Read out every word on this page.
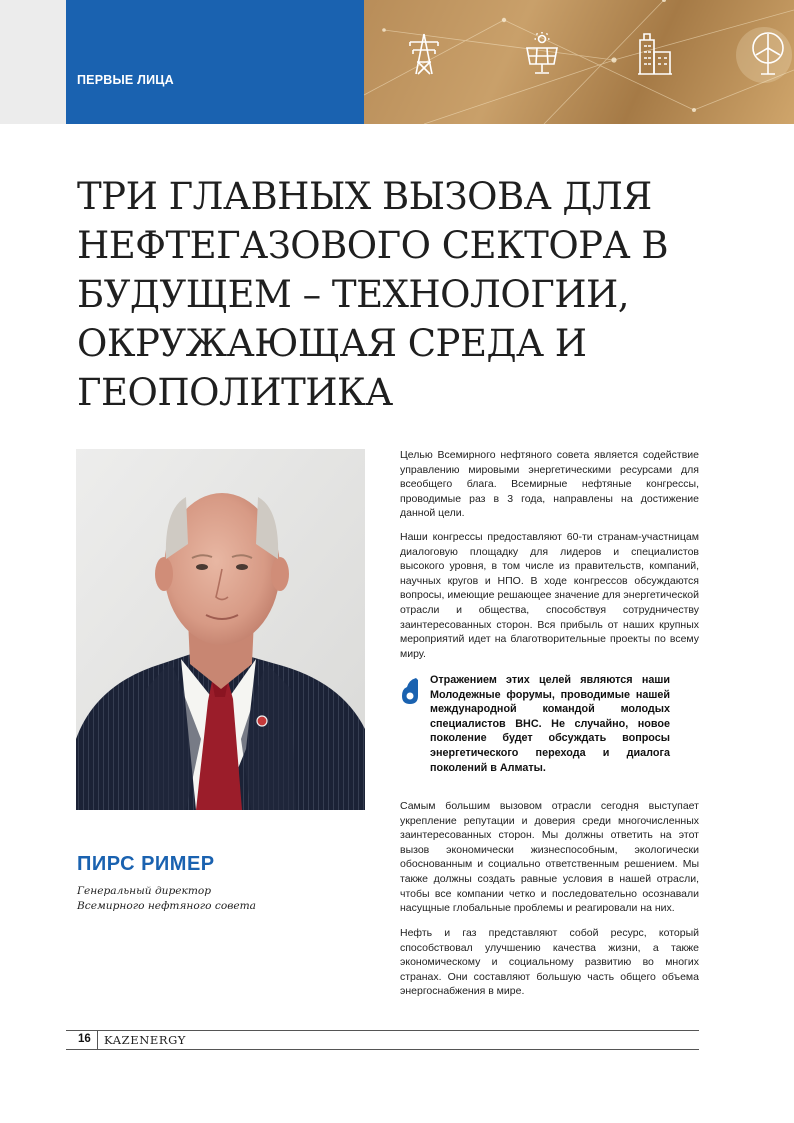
ПЕРВЫЕ ЛИЦА
ТРИ ГЛАВНЫХ ВЫЗОВА ДЛЯ НЕФТЕГАЗОВОГО СЕКТОРА В БУДУЩЕМ – ТЕХНОЛОГИИ, ОКРУЖАЮЩАЯ СРЕДА И ГЕОПОЛИТИКА
ПИРС РИМЕР
Генеральный директор
Всемирного нефтяного совета

Целью Всемирного нефтяного совета является содействие управлению мировыми энергетическими ресурсами для всеобщего блага. Всемирные нефтяные конгрессы, проводимые раз в 3 года, направлены на достижение данной цели.

Наши конгрессы предоставляют 60-ти странам-участницам диалоговую площадку для лидеров и специалистов высокого уровня, в том числе из правительств, компаний, научных кругов и НПО. В ходе конгрессов обсуждаются вопросы, имеющие решающее значение для энергетической отрасли и общества, способствуя сотрудничеству заинтересованных сторон. Вся прибыль от наших крупных мероприятий идет на благотворительные проекты по всему миру.

Отражением этих целей являются наши Молодежные форумы, проводимые нашей международной командой молодых специалистов ВНС. Не случайно, новое поколение будет обсуждать вопросы энергетического перехода и диалога поколений в Алматы.

Самым большим вызовом отрасли сегодня выступает укрепление репутации и доверия среди многочисленных заинтересованных сторон. Мы должны ответить на этот вызов экономически жизнеспособным, экологически обоснованным и социально ответственным решением. Мы также должны создать равные условия в нашей отрасли, чтобы все компании четко и последовательно осознавали насущные глобальные проблемы и реагировали на них.

Нефть и газ представляют собой ресурс, который способствовал улучшению качества жизни, а также экономическому и социальному развитию во многих странах. Они составляют большую часть общего объема энергоснабжения в мире.

16 KAZENERGY
